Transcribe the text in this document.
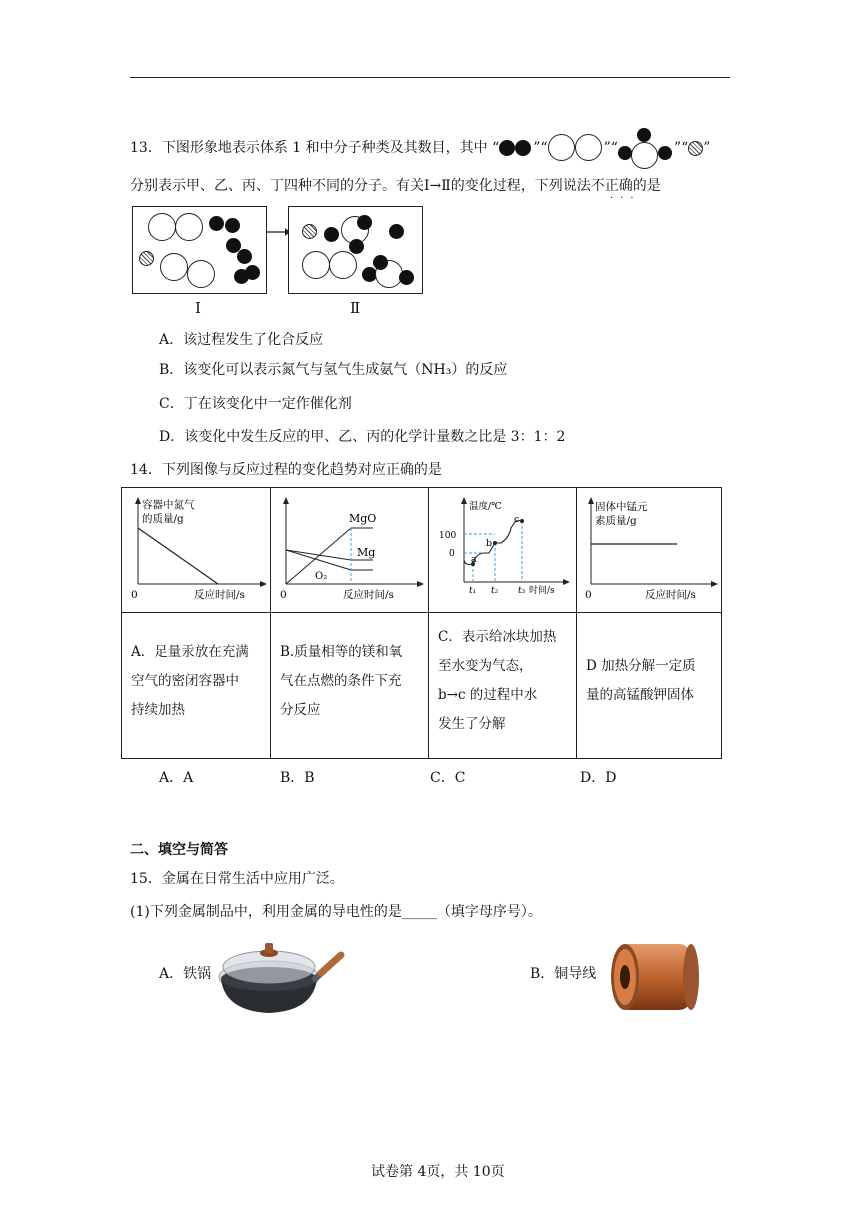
13．下图形象地表示体系 1 和中分子种类及其数目，其中 “ ”“	”“	”“ ”
分别表示甲、乙、丙、丁四种不同的分子。有关Ⅰ→Ⅱ的变化过程，下列说法不正确的是
···
Ⅰ	Ⅱ
A．该过程发生了化合反应
B．该变化可以表示氮气与氢气生成氨气（NH₃）的反应
C．丁在该变化中一定作催化剂
D．该变化中发生反应的甲、乙、丙的化学计量数之比是 3：1：2
14．下列图像与反应过程的变化趋势对应正确的是
容器中氮气
的质量/g
0	反应时间/s
MgO
Mg
O₂
0	反应时间/s
温度/℃
100
0 a
b
c
t₁ t₂ t₃ 时间/s
固体中锰元
素质量/g
0	反应时间/s
A．足量汞放在充满
空气的密闭容器中
持续加热
B.质量相等的镁和氧
气在点燃的条件下充
分反应
C．表示给冰块加热
至水变为气态，
b→c 的过程中水
发生了分解
D 加热分解一定质
量的高锰酸钾固体
A．A	B．B	C．C	D．D
二、填空与简答
15．金属在日常生活中应用广泛。
(1)下列金属制品中，利用金属的导电性的是_____（填字母序号）。
A．铁锅	B．铜导线
试卷第 4页，共 10页
